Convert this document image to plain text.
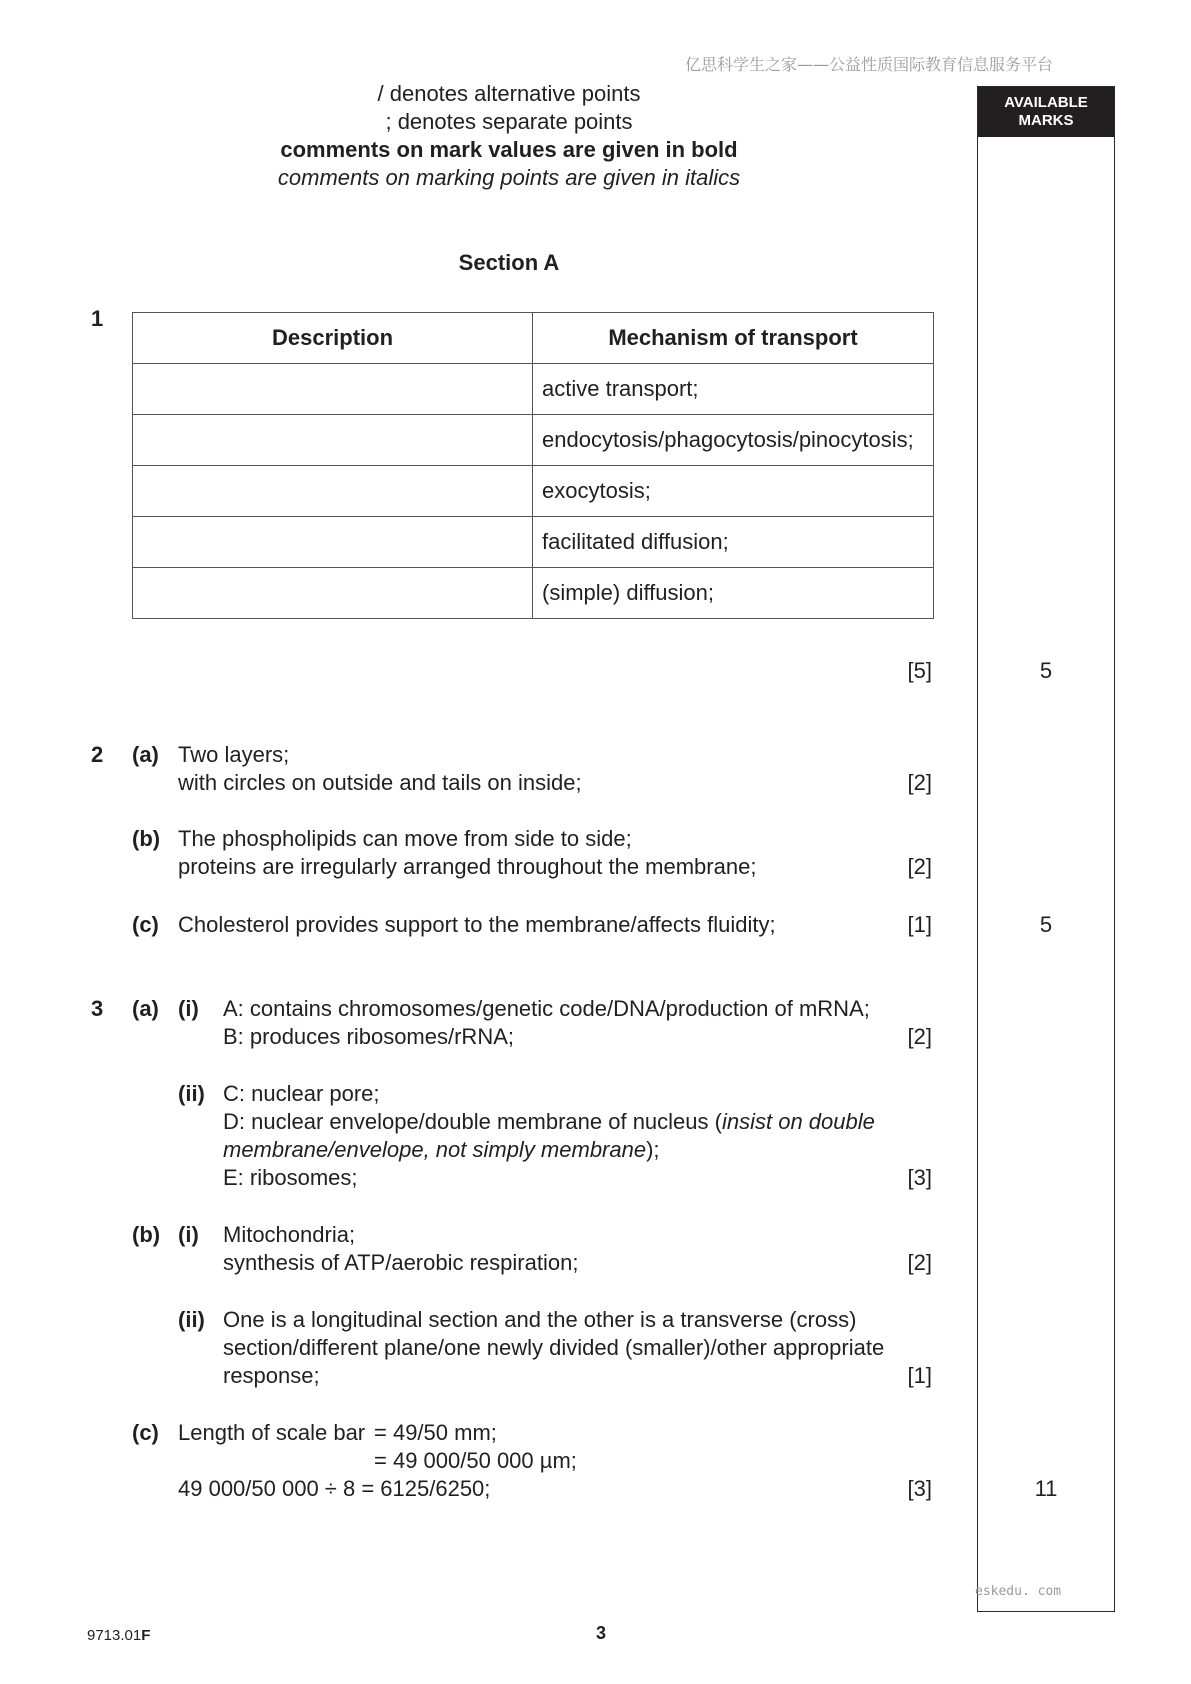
亿思科学生之家——公益性质国际教育信息服务平台
/ denotes alternative points
; denotes separate points
comments on mark values are given in bold
comments on marking points are given in italics
AVAILABLE
MARKS
Section A
1
Description	Mechanism of transport
	active transport;
	endocytosis/phagocytosis/pinocytosis;
	exocytosis;
	facilitated diffusion;
	(simple) diffusion;
[5]	5
2 (a) Two layers;
with circles on outside and tails on inside;	[2]
(b) The phospholipids can move from side to side;
proteins are irregularly arranged throughout the membrane;	[2]
(c) Cholesterol provides support to the membrane/affects fluidity;	[1]	5
3 (a) (i) A: contains chromosomes/genetic code/DNA/production of mRNA;
B: produces ribosomes/rRNA;	[2]
(ii) C: nuclear pore;
D: nuclear envelope/double membrane of nucleus (insist on double
membrane/envelope, not simply membrane);
E: ribosomes;	[3]
(b) (i) Mitochondria;
synthesis of ATP/aerobic respiration;	[2]
(ii) One is a longitudinal section and the other is a transverse (cross)
section/different plane/one newly divided (smaller)/other appropriate
response;	[1]
(c) Length of scale bar = 49/50 mm;
= 49 000/50 000 µm;
49 000/50 000 ÷ 8 = 6125/6250;	[3]	11
eskedu. com
9713.01F	3
